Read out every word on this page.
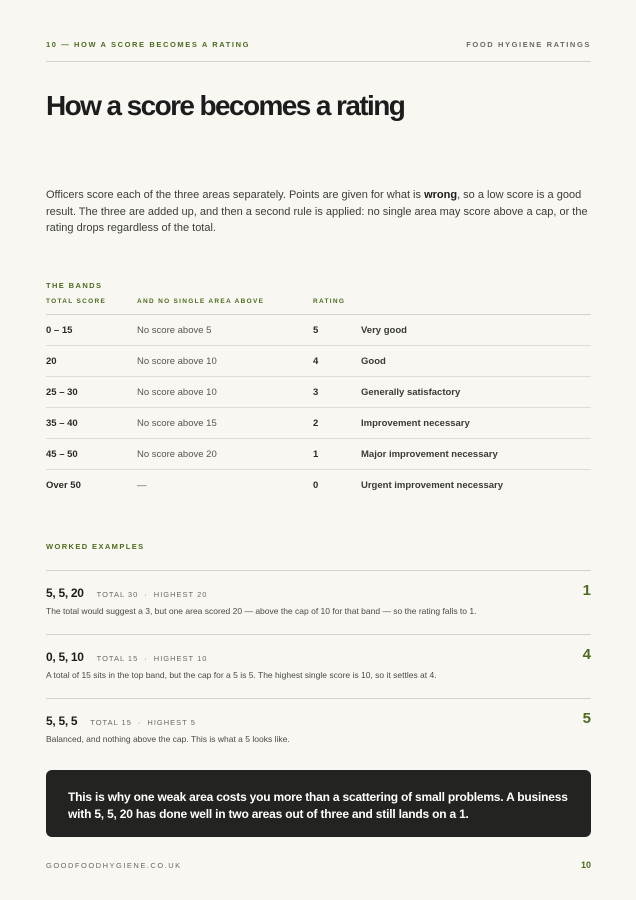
10 — HOW A SCORE BECOMES A RATING	FOOD HYGIENE RATINGS
How a score becomes a rating

Officers score each of the three areas separately. Points are given for what is wrong, so a low score is a good result. The three are added up, and then a second rule is applied: no single area may score above a cap, or the rating drops regardless of the total.

THE BANDS
TOTAL SCORE	AND NO SINGLE AREA ABOVE	RATING
0 – 15	No score above 5	5	Very good
20	No score above 10	4	Good
25 – 30	No score above 10	3	Generally satisfactory
35 – 40	No score above 15	2	Improvement necessary
45 – 50	No score above 20	1	Major improvement necessary
Over 50	—	0	Urgent improvement necessary
WORKED EXAMPLES
5, 5, 20 TOTAL 30 · HIGHEST 20
The total would suggest a 3, but one area scored 20 — above the cap of 10 for that band — so the rating falls to 1.
1
0, 5, 10 TOTAL 15 · HIGHEST 10
A total of 15 sits in the top band, but the cap for a 5 is 5. The highest single score is 10, so it settles at 4.
4
5, 5, 5 TOTAL 15 · HIGHEST 5
Balanced, and nothing above the cap. This is what a 5 looks like.
5
This is why one weak area costs you more than a scattering of small problems. A business with 5, 5, 20 has done well in two areas out of three and still lands on a 1.
GOODFOODHYGIENE.CO.UK	10
